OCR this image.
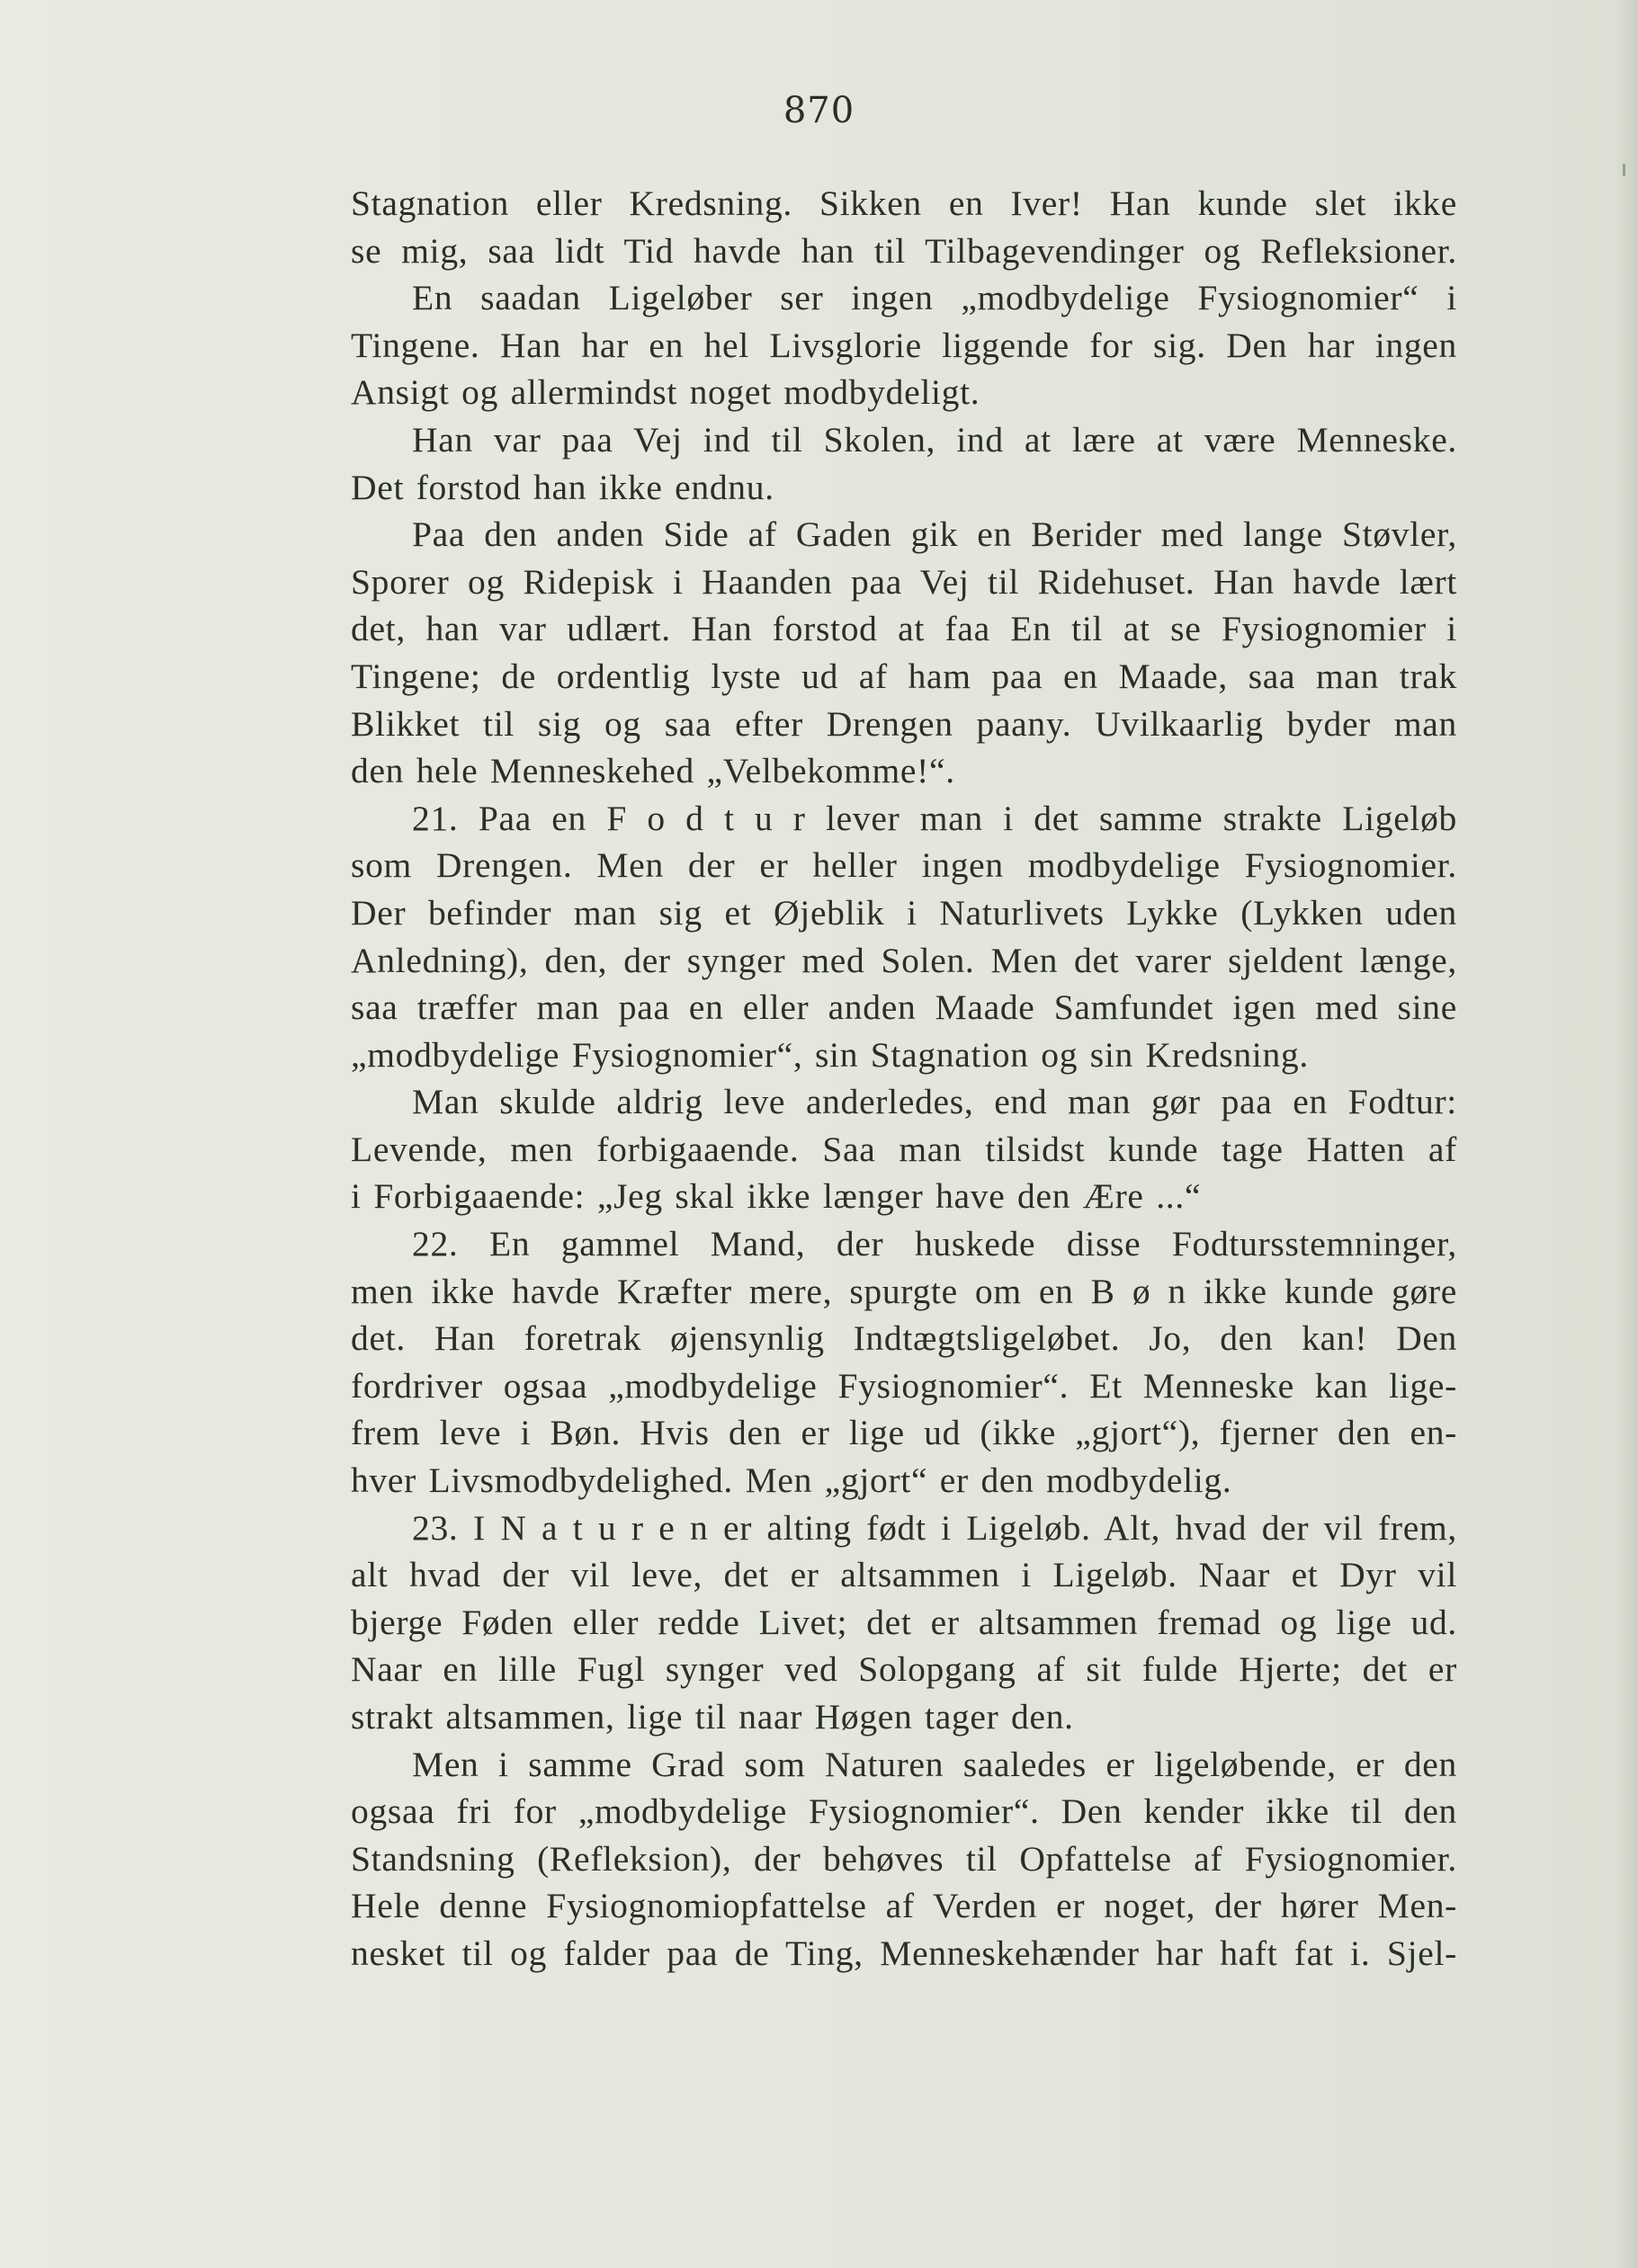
870
Stagnation eller Kredsning. Sikken en Iver! Han kunde slet ikke
se mig, saa lidt Tid havde han til Tilbagevendinger og Refleksioner.
En saadan Ligeløber ser ingen „modbydelige Fysiognomier“ i
Tingene. Han har en hel Livsglorie liggende for sig. Den har ingen
Ansigt og allermindst noget modbydeligt.
Han var paa Vej ind til Skolen, ind at lære at være Menneske.
Det forstod han ikke endnu.
Paa den anden Side af Gaden gik en Berider med lange Støvler,
Sporer og Ridepisk i Haanden paa Vej til Ridehuset. Han havde lært
det, han var udlært. Han forstod at faa En til at se Fysiognomier i
Tingene; de ordentlig lyste ud af ham paa en Maade, saa man trak
Blikket til sig og saa efter Drengen paany. Uvilkaarlig byder man
den hele Menneskehed „Velbekomme!“.
21. Paa en F o d t u r lever man i det samme strakte Ligeløb
som Drengen. Men der er heller ingen modbydelige Fysiognomier.
Der befinder man sig et Øjeblik i Naturlivets Lykke (Lykken uden
Anledning), den, der synger med Solen. Men det varer sjeldent længe,
saa træffer man paa en eller anden Maade Samfundet igen med sine
„modbydelige Fysiognomier“, sin Stagnation og sin Kredsning.
Man skulde aldrig leve anderledes, end man gør paa en Fodtur:
Levende, men forbigaaende. Saa man tilsidst kunde tage Hatten af
i Forbigaaende: „Jeg skal ikke længer have den Ære ...“
22. En gammel Mand, der huskede disse Fodtursstemninger,
men ikke havde Kræfter mere, spurgte om en B ø n ikke kunde gøre
det. Han foretrak øjensynlig Indtægtsligeløbet. Jo, den kan! Den
fordriver ogsaa „modbydelige Fysiognomier“. Et Menneske kan lige-
frem leve i Bøn. Hvis den er lige ud (ikke „gjort“), fjerner den en-
hver Livsmodbydelighed. Men „gjort“ er den modbydelig.
23. I N a t u r e n er alting født i Ligeløb. Alt, hvad der vil frem,
alt hvad der vil leve, det er altsammen i Ligeløb. Naar et Dyr vil
bjerge Føden eller redde Livet; det er altsammen fremad og lige ud.
Naar en lille Fugl synger ved Solopgang af sit fulde Hjerte; det er
strakt altsammen, lige til naar Høgen tager den.
Men i samme Grad som Naturen saaledes er ligeløbende, er den
ogsaa fri for „modbydelige Fysiognomier“. Den kender ikke til den
Standsning (Refleksion), der behøves til Opfattelse af Fysiognomier.
Hele denne Fysiognomiopfattelse af Verden er noget, der hører Men-
nesket til og falder paa de Ting, Menneskehænder har haft fat i. Sjel-
